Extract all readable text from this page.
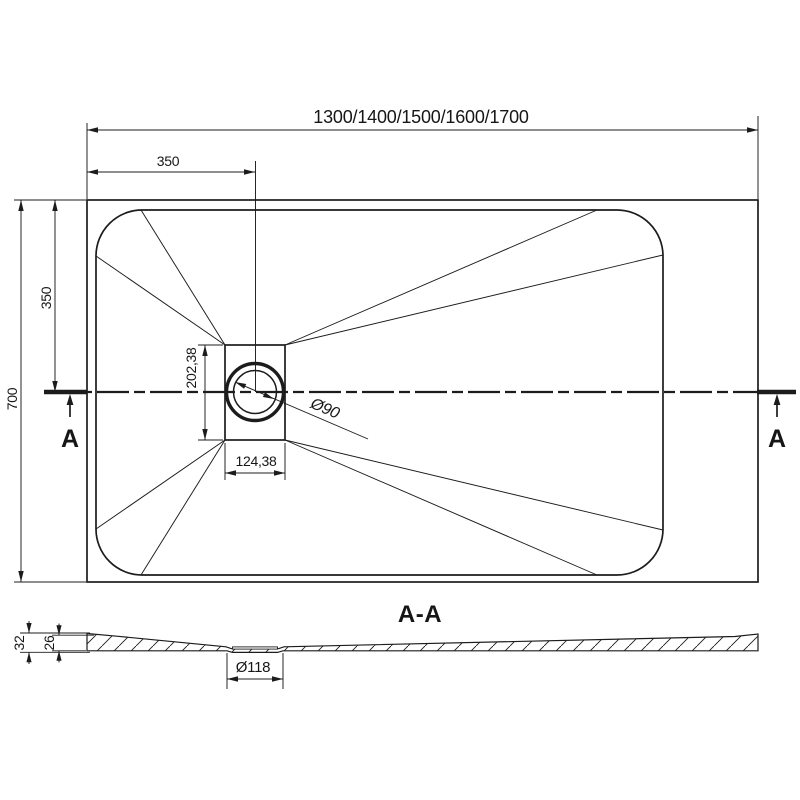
A	A
1300/1400/1500/1600/1700
350
700
350
202,38
124,38
Ø90
A-A
32 26
Ø118
